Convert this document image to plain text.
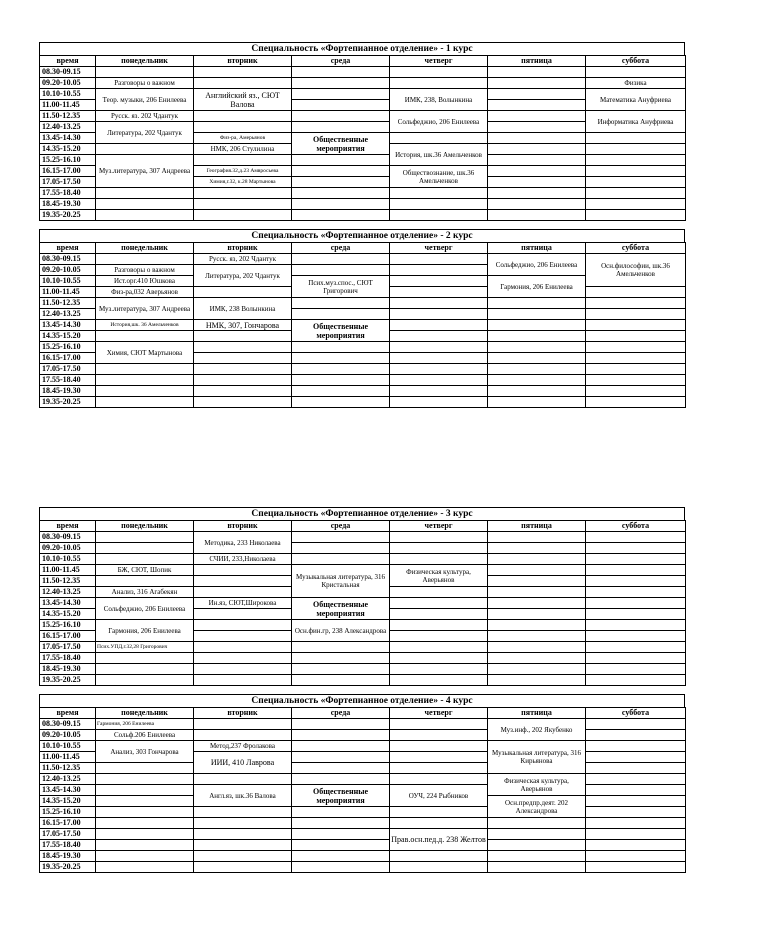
Специальность «Фортепианное отделение» - 1 курс
время	понедельник	вторник	среда	четверг	пятница	суббота
08.30-09.15						
09.20-10.05	Разговоры о важном					Физика
10.10-10.55	Теор. музыки, 206 Енилеева	Английский яз., СЮТ Валова		ИМК, 238, Волынкина		Математика Ануфриева
11.00-11.45						
11.50-12.35	Русск. яз. 202 Чдантук			Сольфеджио, 206 Енилеева		Информатика Ануфриева
12.40-13.25	Литература, 202 Чдантук					
13.45-14.30		Физ-ра, Амерьянов	Общественные мероприятия			
14.35-15.20		НМК, 206 Стулилина		История, шк.36 Амельченков		
15.25-16.10	Муз.литература, 307 Андреева					
16.15-17.00		География.32,д.23 Амвросьева		Обществознание, шк.36 Амельченков		
17.05-17.50		Химия,г.32, к.28 Мартынова				
17.55-18.40						
18.45-19.30						
19.35-20.25						
Специальность «Фортепианное отделение» - 2 курс
время	понедельник	вторник	среда	четверг	пятница	суббота
08.30-09.15		Русск. яз, 202 Чдантук			Сольфеджио, 206 Енилеева	Осн.философии, шк.36 Амельченков
09.20-10.05	Разговоры о важном	Литература, 202 Чдантук				
10.10-10.55	Ист.орг.410 Юшкова		Псих.муз.спос., СЮТ Григорович		Гармония, 206 Енилеева	
11.00-11.45	Физ-ра,032 Аверьянов					
11.50-12.35	Муз.литература, 307 Андреева	ИМК, 238 Волынкина				
12.40-13.25						
13.45-14.30	История,шк. 36 Амельченков	НМК, 307, Гончарова	Общественные мероприятия			
14.35-15.20						
15.25-16.10	Химия, СЮТ Мартынова					
16.15-17.00						
17.05-17.50						
17.55-18.40						
18.45-19.30						
19.35-20.25						
Специальность «Фортепианное отделение» - 3 курс
время	понедельник	вторник	среда	четверг	пятница	суббота
08.30-09.15		Методика, 233 Николаева				
09.20-10.05						
10.10-10.55		СЧИИ, 233,Николаева				
11.00-11.45	БЖ, СЮТ, Шопик		Музыкальная литература, 316 Кристальная	Физическая культура, Аверьянов		
11.50-12.35						
12.40-13.25	Анализ, 316 Агабекян					
13.45-14.30	Сольфеджио, 206 Енилеева	Ин.яз, СЮТ,Широкова	Общественные мероприятия			
14.35-15.20						
15.25-16.10	Гармония, 206 Енилеева		Осн.фин.гр, 238 Александрова			
16.15-17.00						
17.05-17.50	Псих.УПД,г.32,28 Григорович					
17.55-18.40						
18.45-19.30						
19.35-20.25						
Специальность «Фортепианное отделение» - 4 курс
время	понедельник	вторник	среда	четверг	пятница	суббота
08.30-09.15	Гармония, 206 Енилеева				Муз.инф., 202 Якубенко	
09.20-10.05	Сольф.206 Енилеева					
10.10-10.55	Анализ, 303 Гончарова	Метод,237 Фролакова			Музыкальная литература, 316 Кирьянова	
11.00-11.45		ИИИ, 410 Лаврова				
11.50-12.35						
12.40-13.25					Физическая культура, Аверьянов	
13.45-14.30		Англ.яз, шк.36 Валова	Общественные мероприятия	ОУЧ, 224 Рыбников		
14.35-15.20					Осн.предпр.деят. 202 Александрова	
15.25-16.10						
16.15-17.00						
17.05-17.50				Прав.осн.пед.д. 238 Желтов		
17.55-18.40						
18.45-19.30						
19.35-20.25						
